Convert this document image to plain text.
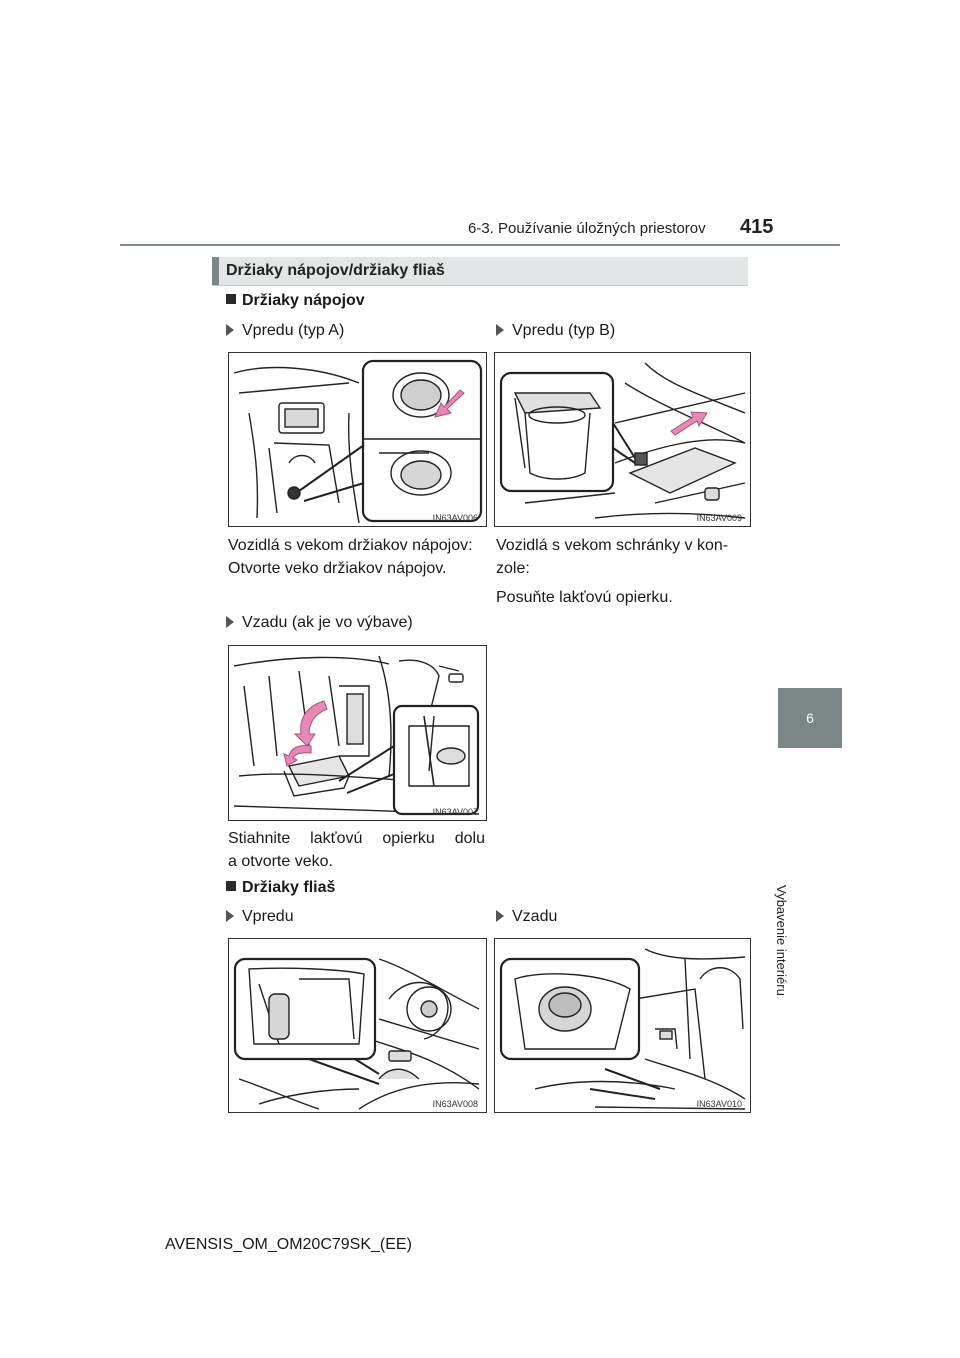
6-3. Používanie úložných priestorov 415
6
Vybavenie interiéru
Držiaky nápojov/držiaky fliaš
Držiaky nápojov
Vpredu (typ A)
IN63AV006
Vozidlá s vekom držiakov nápojov: Otvorte veko držiakov nápojov.
Vpredu (typ B)
IN63AV009
Vozidlá s vekom schránky v kon-zole:
Posuňte lakťovú opierku.
Vzadu (ak je vo výbave)
IN63AV007
Stiahnite lakťovú opierku dolu
a otvorte veko.
Držiaky fliaš
Vpredu
IN63AV008
Vzadu
IN63AV010
AVENSIS_OM_OM20C79SK_(EE)
